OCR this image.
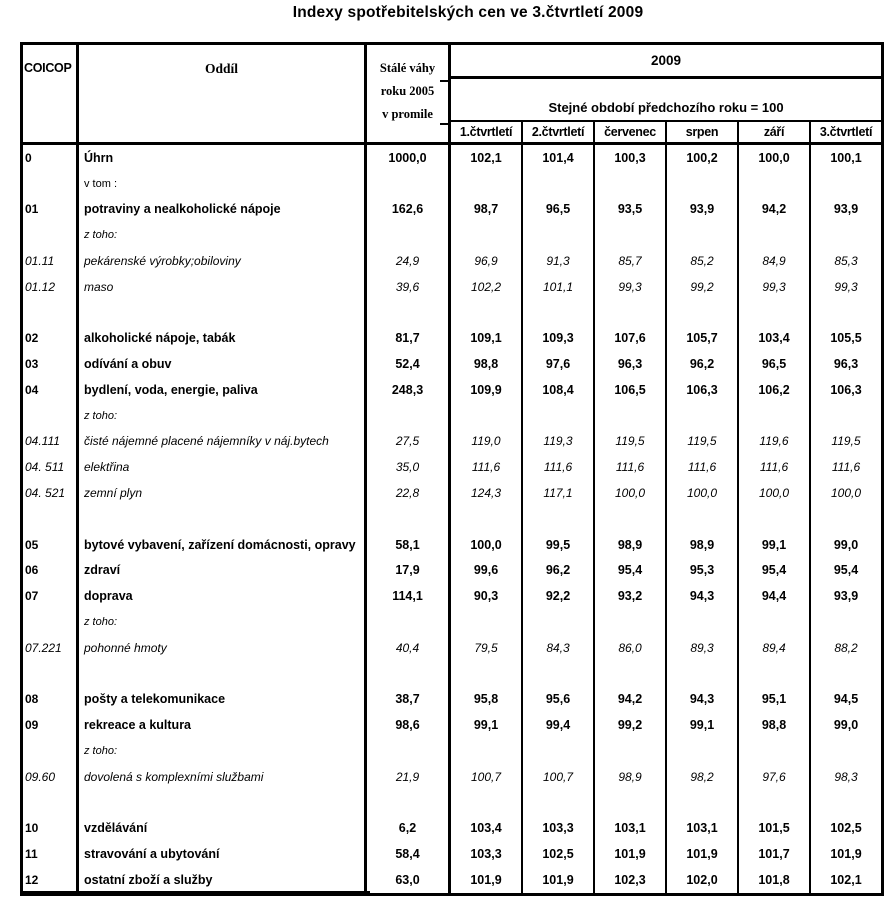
Indexy spotřebitelských cen ve 3.čtvrtletí 2009
COICOP	Oddíl	Stálé váhy
roku 2005
v promile
2009
Stejné období předchozího roku = 100
1.čtvrtletí	2.čtvrtletí	červenec	srpen	září	3.čtvrtletí
0	Úhrn	1000,0	102,1	101,4	100,3	100,2	100,0	100,1
v tom :
01	potraviny a nealkoholické nápoje	162,6	98,7	96,5	93,5	93,9	94,2	93,9
z toho:
01.11	pekárenské výrobky;obiloviny	24,9	96,9	91,3	85,7	85,2	84,9	85,3
01.12	maso	39,6	102,2	101,1	99,3	99,2	99,3	99,3
02	alkoholické nápoje, tabák	81,7	109,1	109,3	107,6	105,7	103,4	105,5
03	odívání a obuv	52,4	98,8	97,6	96,3	96,2	96,5	96,3
04	bydlení, voda, energie, paliva	248,3	109,9	108,4	106,5	106,3	106,2	106,3
z toho:
04.111	čisté nájemné placené nájemníky v náj.bytech	27,5	119,0	119,3	119,5	119,5	119,6	119,5
04. 511	elektřina	35,0	111,6	111,6	111,6	111,6	111,6	111,6
04. 521	zemní plyn	22,8	124,3	117,1	100,0	100,0	100,0	100,0
05	bytové vybavení, zařízení domácnosti, opravy	58,1	100,0	99,5	98,9	98,9	99,1	99,0
06	zdraví	17,9	99,6	96,2	95,4	95,3	95,4	95,4
07	doprava	114,1	90,3	92,2	93,2	94,3	94,4	93,9
z toho:
07.221	pohonné hmoty	40,4	79,5	84,3	86,0	89,3	89,4	88,2
08	pošty a telekomunikace	38,7	95,8	95,6	94,2	94,3	95,1	94,5
09	rekreace a kultura	98,6	99,1	99,4	99,2	99,1	98,8	99,0
z toho:
09.60	dovolená s komplexními službami	21,9	100,7	100,7	98,9	98,2	97,6	98,3
10	vzdělávání	6,2	103,4	103,3	103,1	103,1	101,5	102,5
11	stravování a ubytování	58,4	103,3	102,5	101,9	101,9	101,7	101,9
12	ostatní zboží a služby	63,0	101,9	101,9	102,3	102,0	101,8	102,1
